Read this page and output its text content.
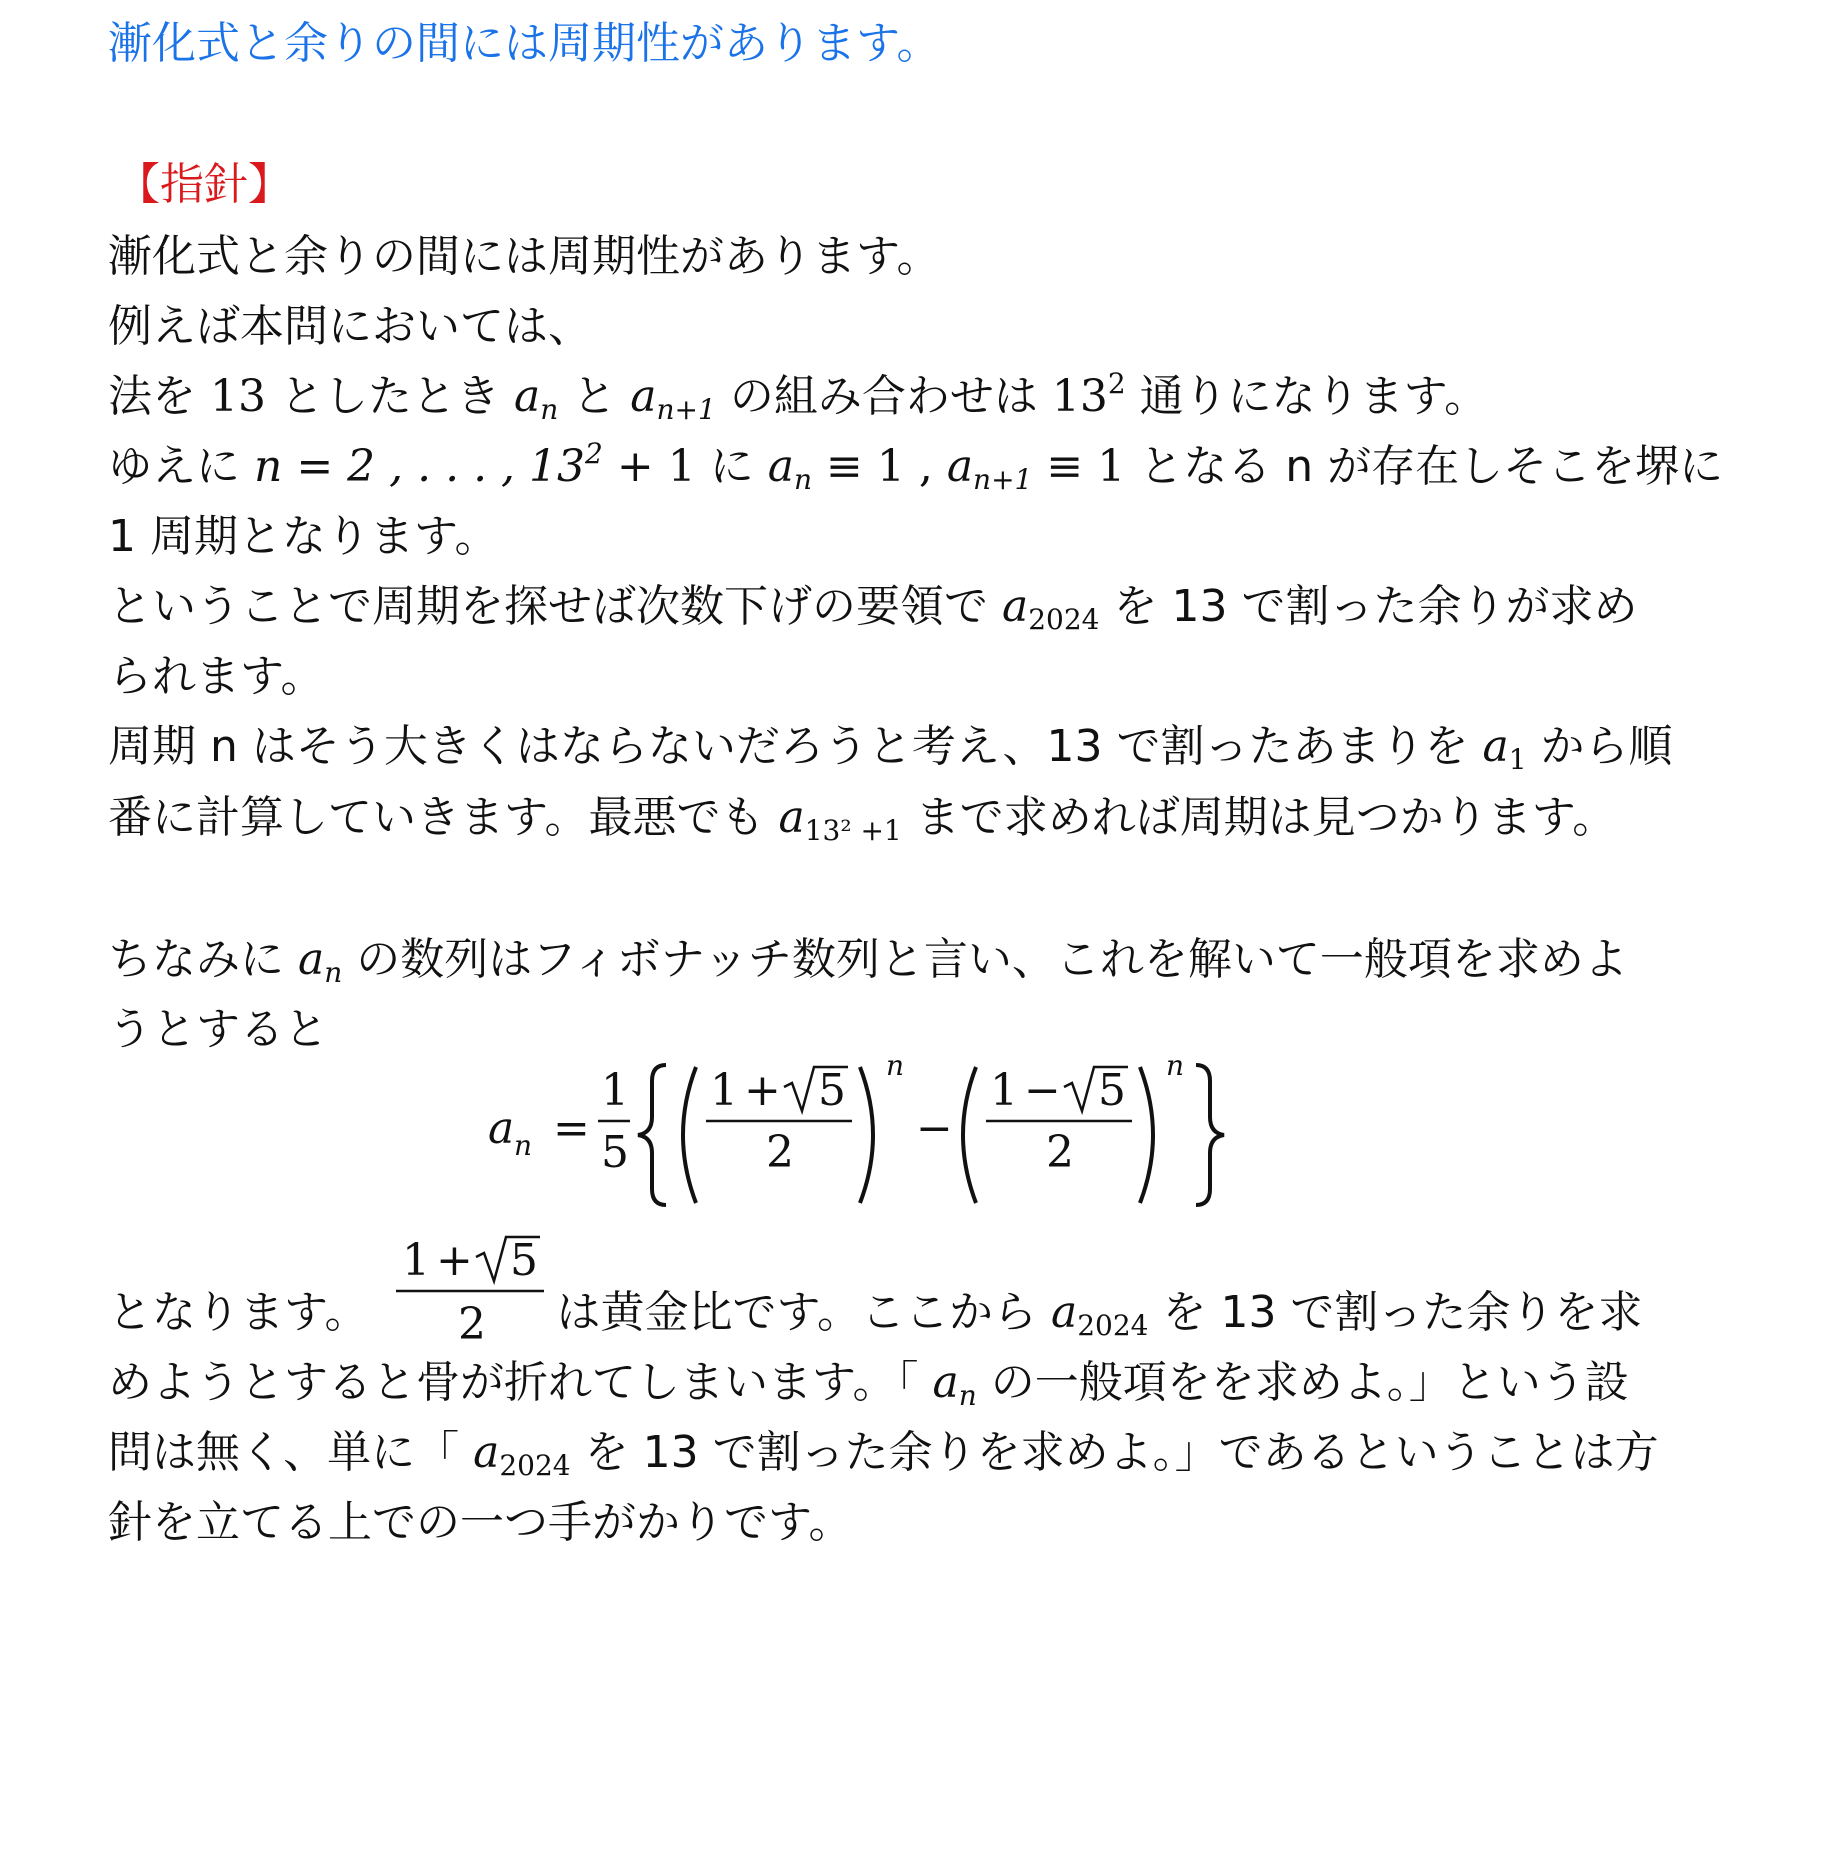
漸化式と余りの間には周期性があります。
【指針】
漸化式と余りの間には周期性があります。
例えば本問においては、
法を 13 としたとき $a_n$ と $a_{n+1}$ の組み合わせは $13^2$ 通りになります。
ゆえに n = 2 , . . . , $13^2 + 1$ に $a_n \equiv 1$ , $a_{n+1} \equiv 1$ となる n が存在しそこを堺に
1 周期となります。
ということで周期を探せば次数下げの要領で $a_{2024}$ を 13 で割った余りが求め
られます。
周期 n はそう大きくはならないだろうと考え、13 で割ったあまりを $a_1$ から順
番に計算していきます。最悪でも $a_{13^2 +1}$ まで求めれば周期は見つかります。
ちなみに $a_n$ の数列はフィボナッチ数列と言い、これを解いて一般項を求めよ
うとすると
a n =
1
5
1 + 5
2
n
−
1 − 5
2
n
となります。	は黄金比です。ここから $a_{2024}$ を 13 で割った余りを求
1 + 5
2
めようとすると骨が折れてしまいます。「 $a_n$ の一般項をを求めよ。」という設
問は無く、単に「 $a_{2024}$ を 13 で割った余りを求めよ。」であるということは方
針を立てる上での一つ手がかりです。
